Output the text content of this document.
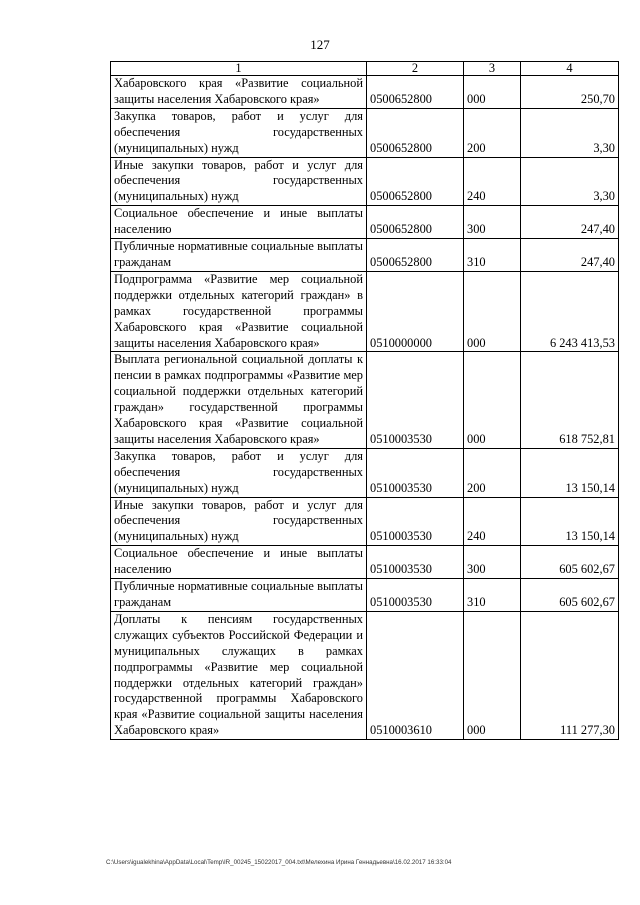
127
1	2	3	4
Хабаровского края «Развитие социальной защиты населения Хабаровского края»	0500652800	000	250,70
Закупка товаров, работ и услуг для обеспечения государственных (муниципальных) нужд	0500652800	200	3,30
Иные закупки товаров, работ и услуг для обеспечения государственных (муниципальных) нужд	0500652800	240	3,30
Социальное обеспечение и иные выплаты населению	0500652800	300	247,40
Публичные нормативные социальные выплаты гражданам	0500652800	310	247,40
Подпрограмма «Развитие мер социальной поддержки отдельных категорий граждан» в рамках государственной программы Хабаровского края «Развитие социальной защиты населения Хабаровского края»	0510000000	000	6 243 413,53
Выплата региональной социальной доплаты к пенсии в рамках подпрограммы «Развитие мер социальной поддержки отдельных категорий граждан» государственной программы Хабаровского края «Развитие социальной защиты населения Хабаровского края»	0510003530	000	618 752,81
Закупка товаров, работ и услуг для обеспечения государственных (муниципальных) нужд	0510003530	200	13 150,14
Иные закупки товаров, работ и услуг для обеспечения государственных (муниципальных) нужд	0510003530	240	13 150,14
Социальное обеспечение и иные выплаты населению	0510003530	300	605 602,67
Публичные нормативные социальные выплаты гражданам	0510003530	310	605 602,67
Доплаты к пенсиям государственных служащих субъектов Российской Федерации и муниципальных служащих в рамках подпрограммы «Развитие мер социальной поддержки отдельных категорий граждан» государственной программы Хабаровского края «Развитие социальной защиты населения Хабаровского края»	0510003610	000	111 277,30
C:\Users\igualekhina\AppData\Local\Temp\IR_00245_15022017_004.txt\Мелехина Ирина Геннадьевна\16.02.2017 16:33:04
